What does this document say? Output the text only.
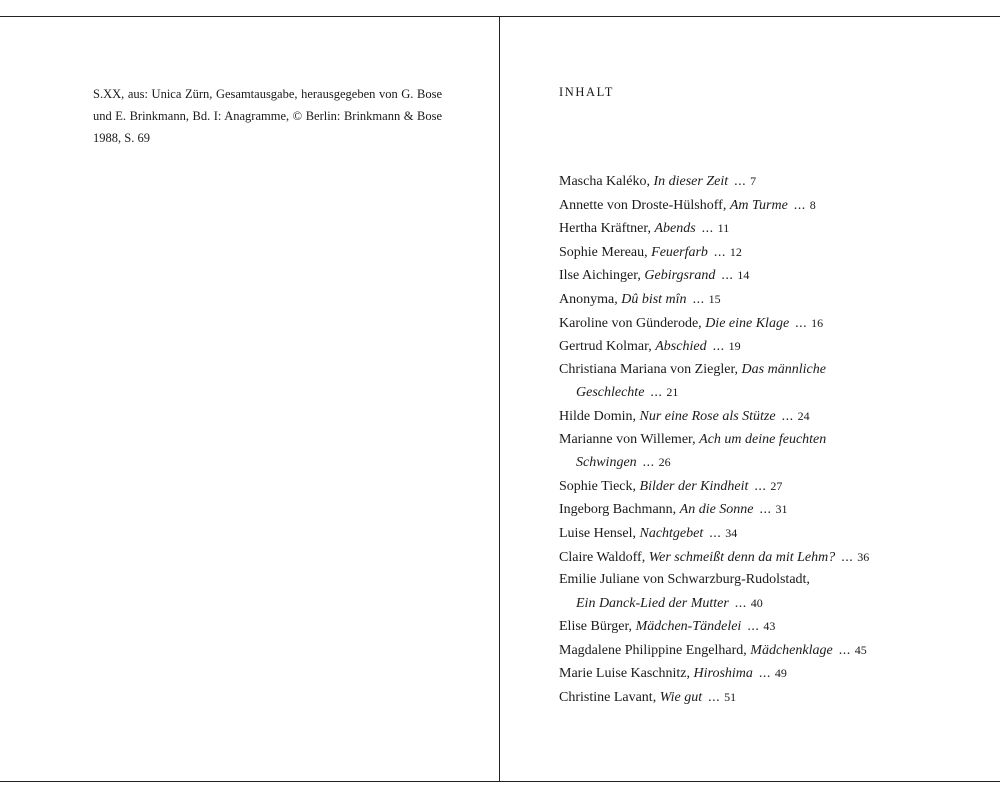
S.XX, aus: Unica Zürn, Gesamtausgabe, herausgegeben von G. Bose und E. Brinkmann, Bd. I: Anagramme, © Berlin: Brinkmann & Bose 1988, S. 69
INHALT
Mascha Kaléko, In dieser Zeit ... 7
Annette von Droste-Hülshoff, Am Turme ... 8
Hertha Kräftner, Abends ... 11
Sophie Mereau, Feuerfarb ... 12
Ilse Aichinger, Gebirgsrand ... 14
Anonyma, Dû bist mîn ... 15
Karoline von Günderode, Die eine Klage ... 16
Gertrud Kolmar, Abschied ... 19
Christiana Mariana von Ziegler, Das männliche
Geschlechte ... 21
Hilde Domin, Nur eine Rose als Stütze ... 24
Marianne von Willemer, Ach um deine feuchten
Schwingen ... 26
Sophie Tieck, Bilder der Kindheit ... 27
Ingeborg Bachmann, An die Sonne ... 31
Luise Hensel, Nachtgebet ... 34
Claire Waldoff, Wer schmeißt denn da mit Lehm? ... 36
Emilie Juliane von Schwarzburg-Rudolstadt,
Ein Danck-Lied der Mutter ... 40
Elise Bürger, Mädchen-Tändelei ... 43
Magdalene Philippine Engelhard, Mädchenklage ... 45
Marie Luise Kaschnitz, Hiroshima ... 49
Christine Lavant, Wie gut ... 51
